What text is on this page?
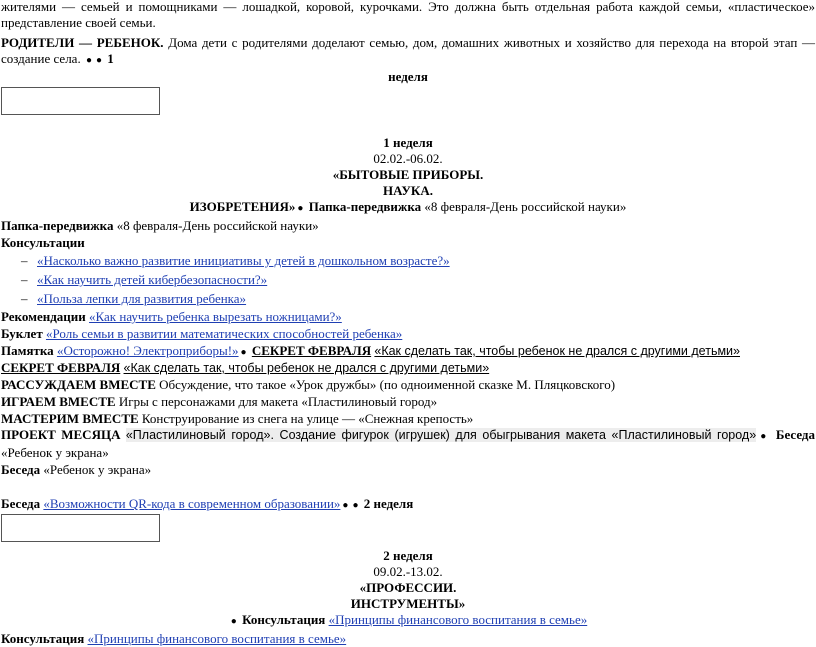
жителями — семьей и помощниками — лошадкой, коровой, курочками. Это должна быть отдельная работа каждой семьи, «пластическое» представление своей семьи.

РОДИТЕЛИ — РЕБЕНОК. Дома дети с родителями доделают семью, дом, домашних животных и хозяйство для перехода на второй этап — создание села. ● ● 1

неделя

1 неделя

02.02.-06.02.

«БЫТОВЫЕ ПРИБОРЫ.

НАУКА.

ИЗОБРЕТЕНИЯ» ● Папка-передвижка «8 февраля-День российской науки»

Папка-передвижка «8 февраля-День российской науки»

Консультации

– «Насколько важно развитие инициативы у детей в дошкольном возрасте?»
– «Как научить детей кибербезопасности?»
– «Польза лепки для развития ребенка»

Рекомендации «Как научить ребенка вырезать ножницами?»

Буклет «Роль семьи в развитии математических способностей ребенка»

Памятка «Осторожно! Электроприборы!» ● СЕКРЕТ ФЕВРАЛЯ «Как сделать так, чтобы ребенок не дрался с другими детьми»

СЕКРЕТ ФЕВРАЛЯ «Как сделать так, чтобы ребенок не дрался с другими детьми»

РАССУЖДАЕМ ВМЕСТЕ Обсуждение, что такое «Урок дружбы» (по одноименной сказке М. Пляцковского)

ИГРАЕМ ВМЕСТЕ Игры с персонажами для макета «Пластилиновый город»

МАСТЕРИМ ВМЕСТЕ Конструирование из снега на улице — «Снежная крепость»

ПРОЕКТ МЕСЯЦА «Пластилиновый город». Создание фигурок (игрушек) для обыгрывания макета «Пластилиновый город» ● Беседа «Ребенок у экрана»

Беседа «Ребенок у экрана»

Беседа «Возможности QR-кода в современном образовании» ● ● 2 неделя

2 неделя

09.02.-13.02.

«ПРОФЕССИИ.

ИНСТРУМЕНТЫ»

● Консультация «Принципы финансового воспитания в семье»

Консультация «Принципы финансового воспитания в семье»
